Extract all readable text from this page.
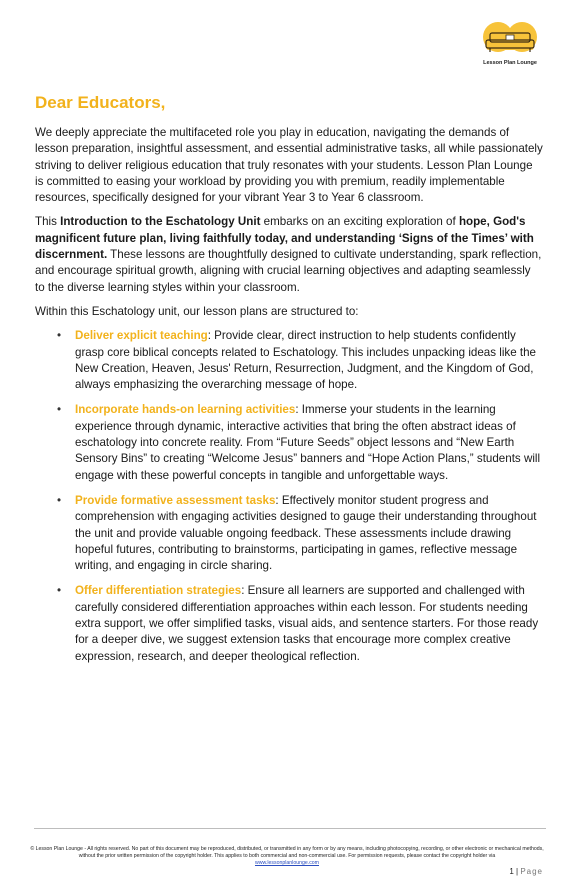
Lesson Plan Lounge
Dear Educators,

We deeply appreciate the multifaceted role you play in education, navigating the demands of lesson preparation, insightful assessment, and essential administrative tasks, all while passionately striving to deliver religious education that truly resonates with your students. Lesson Plan Lounge is committed to easing your workload by providing you with premium, readily implementable resources, specifically designed for your vibrant Year 3 to Year 6 classroom.

This Introduction to the Eschatology Unit embarks on an exciting exploration of hope, God's magnificent future plan, living faithfully today, and understanding ‘Signs of the Times’ with discernment. These lessons are thoughtfully designed to cultivate understanding, spark reflection, and encourage spiritual growth, aligning with crucial learning objectives and adapting seamlessly to the diverse learning styles within your classroom.

Within this Eschatology unit, our lesson plans are structured to:

• Deliver explicit teaching: Provide clear, direct instruction to help students confidently grasp core biblical concepts related to Eschatology. This includes unpacking ideas like the New Creation, Heaven, Jesus' Return, Resurrection, Judgment, and the Kingdom of God, always emphasizing the overarching message of hope.
• Incorporate hands-on learning activities: Immerse your students in the learning experience through dynamic, interactive activities that bring the often abstract ideas of eschatology into concrete reality. From “Future Seeds” object lessons and “New Earth Sensory Bins” to creating “Welcome Jesus” banners and “Hope Action Plans,” students will engage with these powerful concepts in tangible and unforgettable ways.
• Provide formative assessment tasks: Effectively monitor student progress and comprehension with engaging activities designed to gauge their understanding throughout the unit and provide valuable ongoing feedback. These assessments include drawing hopeful futures, contributing to brainstorms, participating in games, reflective message writing, and engaging in circle sharing.
• Offer differentiation strategies: Ensure all learners are supported and challenged with carefully considered differentiation approaches within each lesson. For students needing extra support, we offer simplified tasks, visual aids, and sentence starters. For those ready for a deeper dive, we suggest extension tasks that encourage more complex creative expression, research, and deeper theological reflection.
© Lesson Plan Lounge - All rights reserved. No part of this document may be reproduced, distributed, or transmitted in any form or by any means, including photocopying, recording, or other electronic or mechanical methods, without the prior written permission of the copyright holder. This applies to both commercial and non-commercial use. For permission requests, please contact the copyright holder via
www.lessonplanlounge.com
1 | Page
